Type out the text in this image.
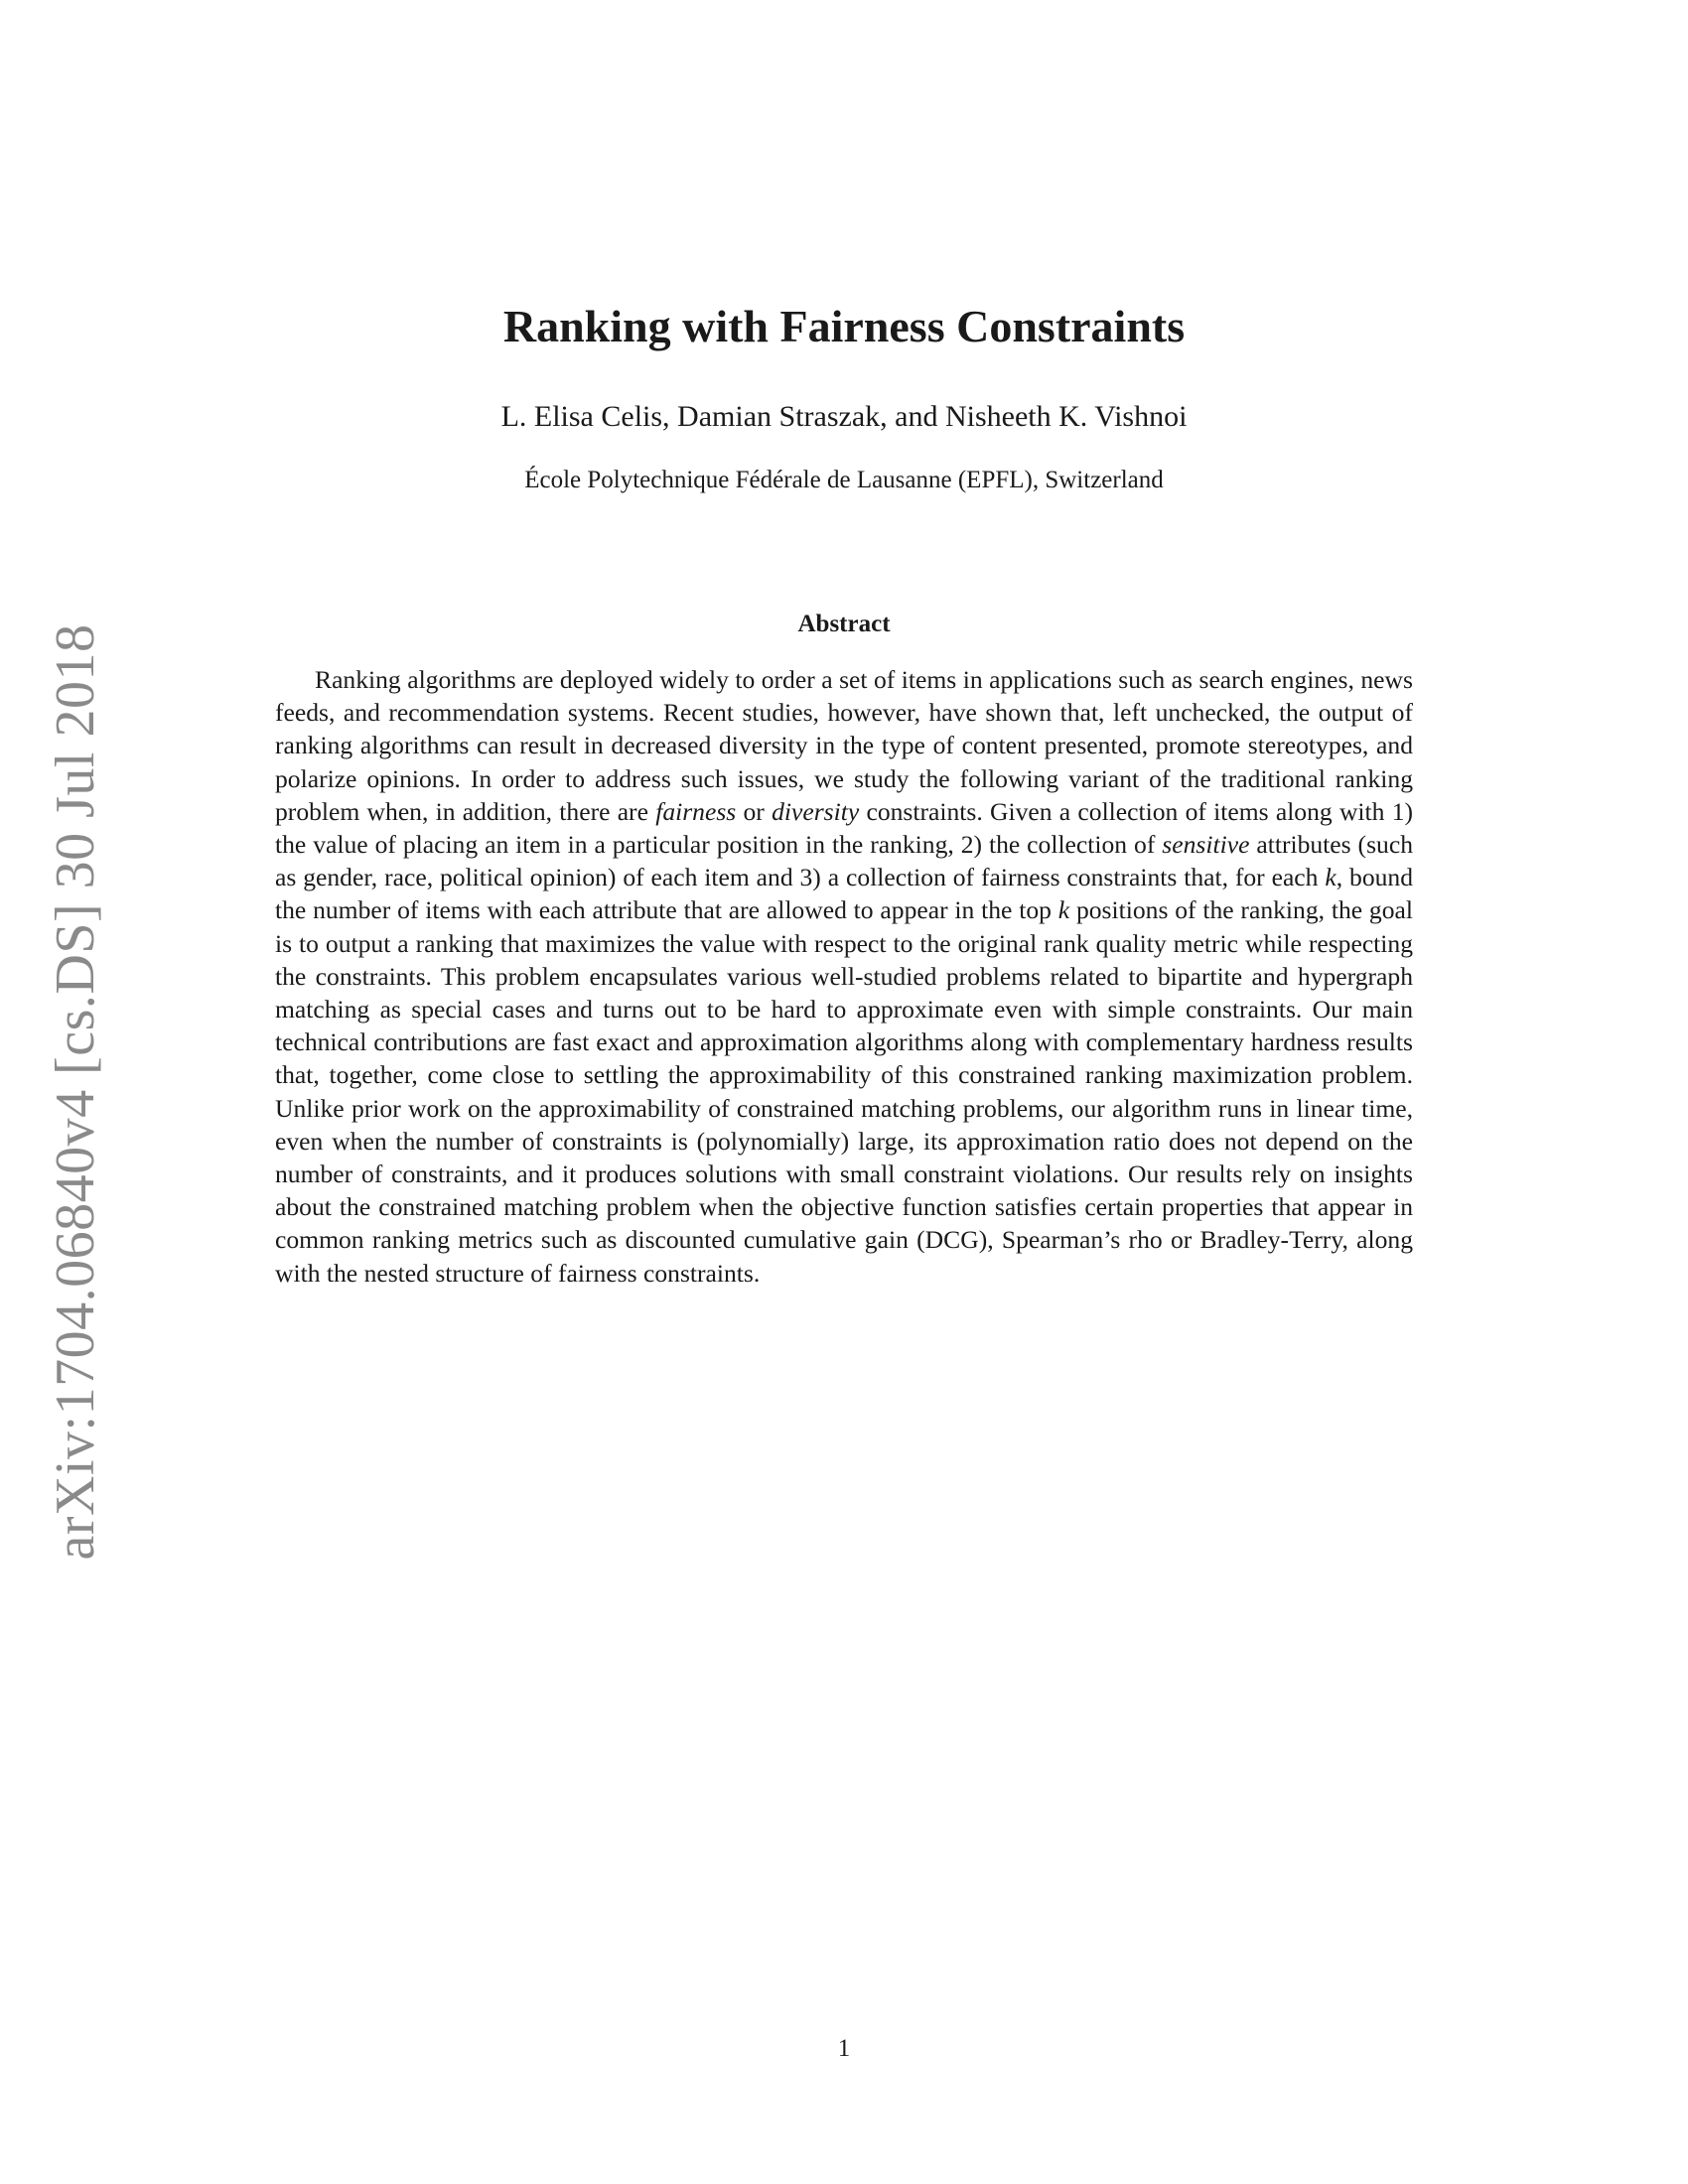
arXiv:1704.06840v4 [cs.DS] 30 Jul 2018
Ranking with Fairness Constraints
L. Elisa Celis, Damian Straszak, and Nisheeth K. Vishnoi
École Polytechnique Fédérale de Lausanne (EPFL), Switzerland
Abstract

Ranking algorithms are deployed widely to order a set of items in applications such as search engines, news feeds, and recommendation systems. Recent studies, however, have shown that, left unchecked, the output of ranking algorithms can result in decreased diversity in the type of content presented, promote stereotypes, and polarize opinions. In order to address such issues, we study the following variant of the traditional ranking problem when, in addition, there are fairness or diversity constraints. Given a collection of items along with 1) the value of placing an item in a particular position in the ranking, 2) the collection of sensitive attributes (such as gender, race, political opinion) of each item and 3) a collection of fairness constraints that, for each k, bound the number of items with each attribute that are allowed to appear in the top k positions of the ranking, the goal is to output a ranking that maximizes the value with respect to the original rank quality metric while respecting the constraints. This problem encapsulates various well-studied problems related to bipartite and hypergraph matching as special cases and turns out to be hard to approximate even with simple constraints. Our main technical contributions are fast exact and approximation algorithms along with complementary hardness results that, together, come close to settling the approximability of this constrained ranking maximization problem. Unlike prior work on the approximability of constrained matching problems, our algorithm runs in linear time, even when the number of constraints is (polynomially) large, its approximation ratio does not depend on the number of constraints, and it produces solutions with small constraint violations. Our results rely on insights about the constrained matching problem when the objective function satisfies certain properties that appear in common ranking metrics such as discounted cumulative gain (DCG), Spearman’s rho or Bradley-Terry, along with the nested structure of fairness constraints.

1
